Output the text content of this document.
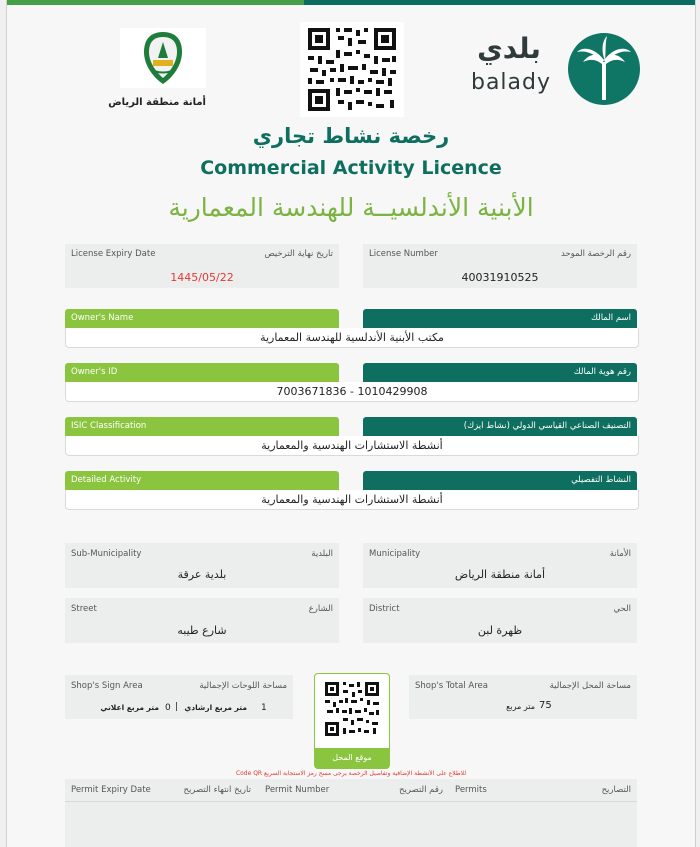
أمانة منطقة الرياض
بلدي
balady
رخصة نشاط تجاري
Commercial Activity Licence
الأبنية الأندلسيــة للهندسة المعمارية
License Expiry Date	تاريخ نهاية الترخيص
1445/05/22
License Number	رقم الرخصة الموحد
40031910525
Owner's Name	اسم المالك
مكتب الأبنية الأندلسية للهندسة المعمارية
Owner's ID	رقم هوية المالك
7003671836 - 1010429908
ISIC Classification	التصنيف الصناعي القياسي الدولي (نشاط ايزك)
أنشطة الاستشارات الهندسية والمعمارية
Detailed Activity	النشاط التفصيلي
أنشطة الاستشارات الهندسية والمعمارية
Sub-Municipality	البلدية
بلدية عرقة
Municipality	الأمانة
أمانة منطقة الرياض
Street	الشارع
شارع طيبه
District	الحي
ظهرة لبن
Shop's Sign Area	مساحة اللوحات الإجمالية
1
متر مربع ارشادي
|
0
متر مربع اعلاني
موقع المحل
Shop's Total Area	مساحة المحل الإجمالية
75
متر مربع
للاطلاع على الأنشطة الإضافية وتفاصيل الرخصة يرجى مسح رمز الاستجابة السريع Code QR
Permit Expiry Date	تاريخ انتهاء التصريح Permit Number	رقم التصريح Permits	التصاريح
